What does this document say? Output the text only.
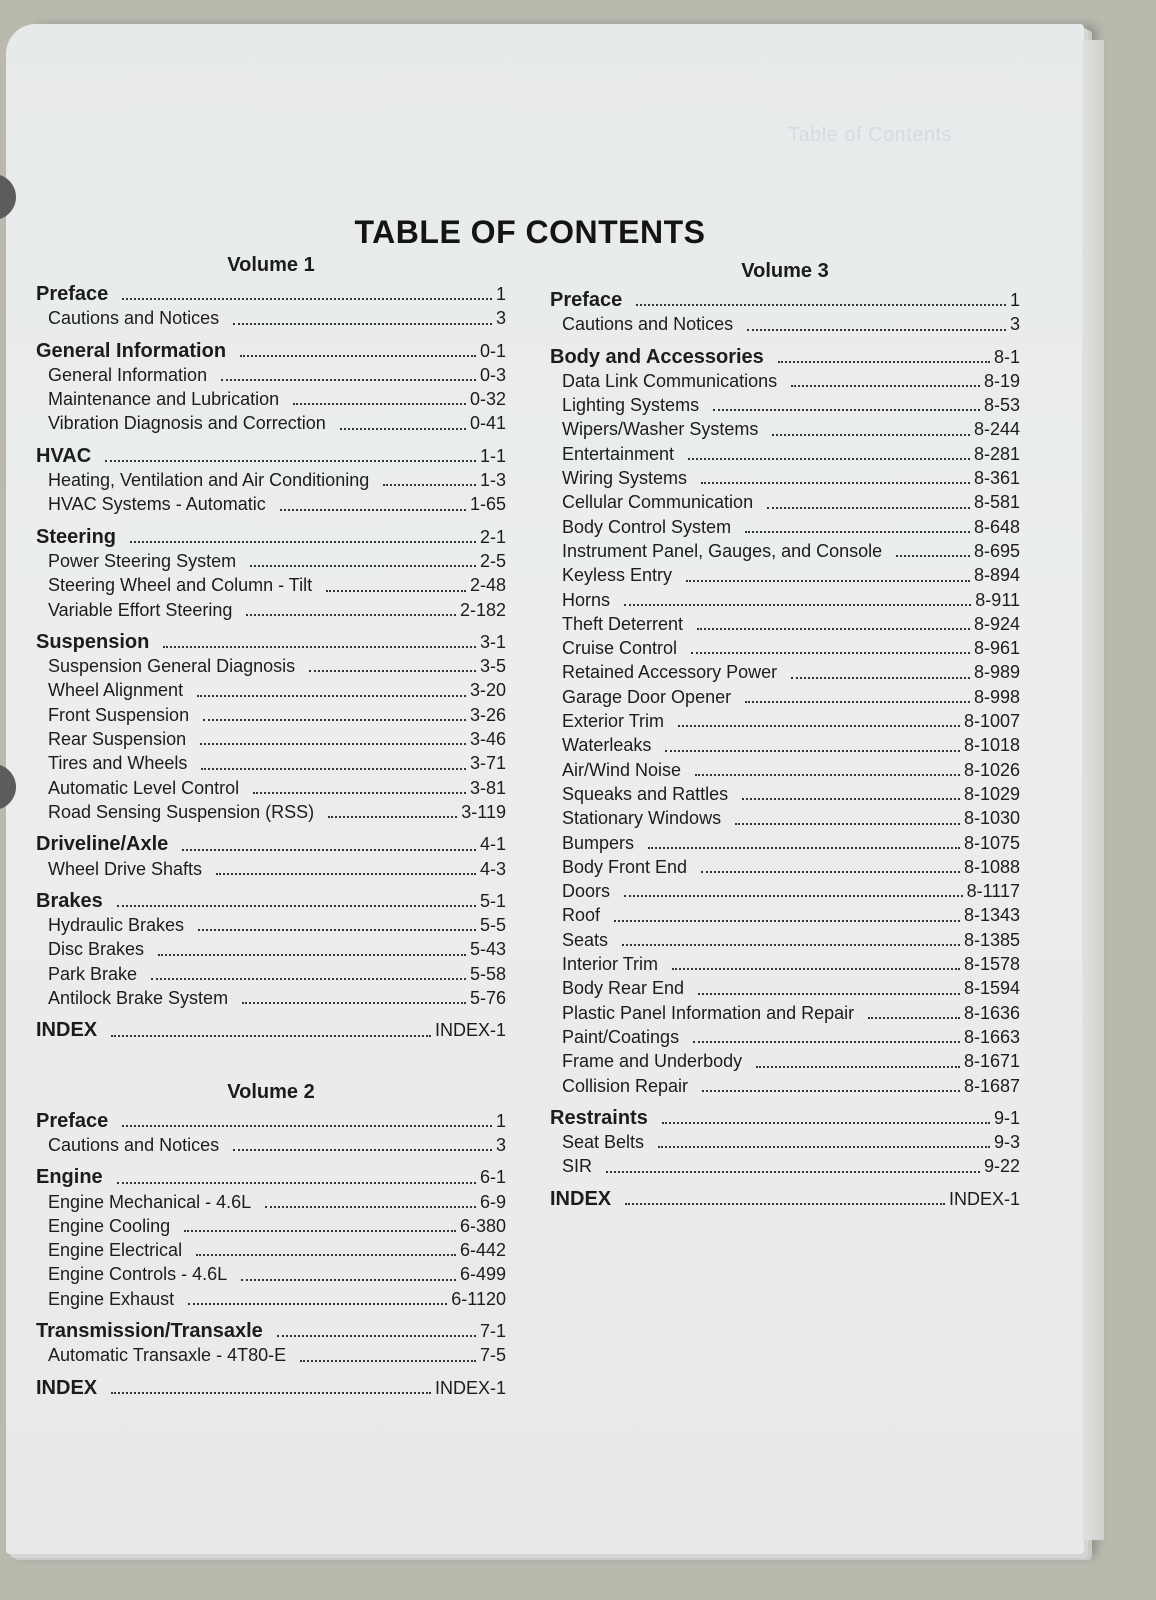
Table of Contents
TABLE OF CONTENTS
Volume 1
Preface	1
Cautions and Notices	3
General Information	0-1
General Information	0-3
Maintenance and Lubrication	0-32
Vibration Diagnosis and Correction	0-41
HVAC	1-1
Heating, Ventilation and Air Conditioning	1-3
HVAC Systems - Automatic	1-65
Steering	2-1
Power Steering System	2-5
Steering Wheel and Column - Tilt	2-48
Variable Effort Steering	2-182
Suspension	3-1
Suspension General Diagnosis	3-5
Wheel Alignment	3-20
Front Suspension	3-26
Rear Suspension	3-46
Tires and Wheels	3-71
Automatic Level Control	3-81
Road Sensing Suspension (RSS)	3-119
Driveline/Axle	4-1
Wheel Drive Shafts	4-3
Brakes	5-1
Hydraulic Brakes	5-5
Disc Brakes	5-43
Park Brake	5-58
Antilock Brake System	5-76
INDEX	INDEX-1
Volume 2
Preface	1
Cautions and Notices	3
Engine	6-1
Engine Mechanical - 4.6L	6-9
Engine Cooling	6-380
Engine Electrical	6-442
Engine Controls - 4.6L	6-499
Engine Exhaust	6-1120
Transmission/Transaxle	7-1
Automatic Transaxle - 4T80-E	7-5
INDEX	INDEX-1
Volume 3
Preface	1
Cautions and Notices	3
Body and Accessories	8-1
Data Link Communications	8-19
Lighting Systems	8-53
Wipers/Washer Systems	8-244
Entertainment	8-281
Wiring Systems	8-361
Cellular Communication	8-581
Body Control System	8-648
Instrument Panel, Gauges, and Console	8-695
Keyless Entry	8-894
Horns	8-911
Theft Deterrent	8-924
Cruise Control	8-961
Retained Accessory Power	8-989
Garage Door Opener	8-998
Exterior Trim	8-1007
Waterleaks	8-1018
Air/Wind Noise	8-1026
Squeaks and Rattles	8-1029
Stationary Windows	8-1030
Bumpers	8-1075
Body Front End	8-1088
Doors	8-1117
Roof	8-1343
Seats	8-1385
Interior Trim	8-1578
Body Rear End	8-1594
Plastic Panel Information and Repair	8-1636
Paint/Coatings	8-1663
Frame and Underbody	8-1671
Collision Repair	8-1687
Restraints	9-1
Seat Belts	9-3
SIR	9-22
INDEX	INDEX-1
